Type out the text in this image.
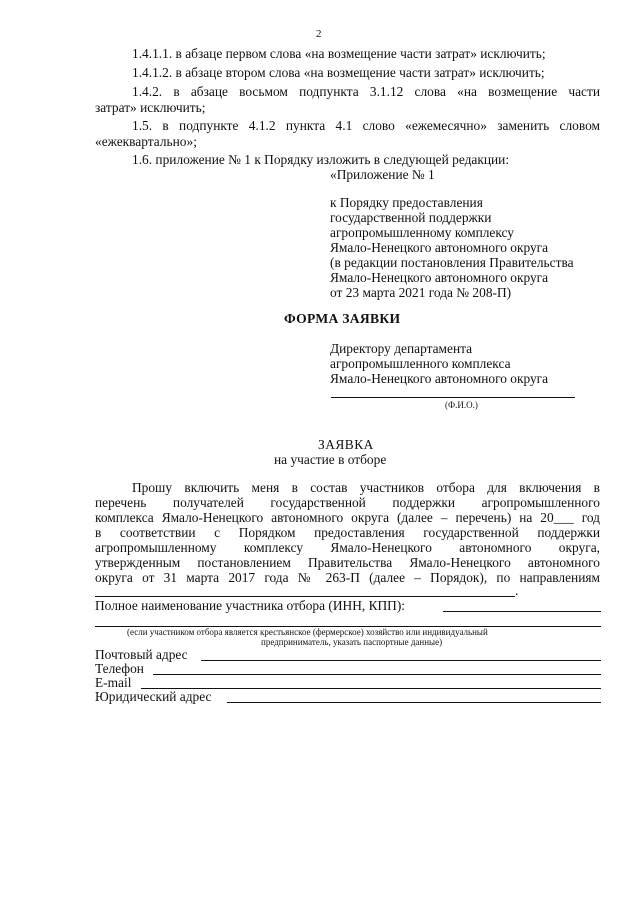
2
1.4.1.1. в абзаце первом слова «на возмещение части затрат» исключить;
1.4.1.2. в абзаце втором слова «на возмещение части затрат» исключить;
1.4.2. в абзаце восьмом подпункта 3.1.12 слова «на возмещение части
затрат» исключить;
1.5. в подпункте 4.1.2 пункта 4.1 слово «ежемесячно» заменить словом
«ежеквартально»;
1.6. приложение № 1 к Порядку изложить в следующей редакции:
«Приложение № 1
к Порядку предоставления
государственной поддержки
агропромышленному комплексу
Ямало-Ненецкого автономного округа
(в редакции постановления Правительства
Ямало-Ненецкого автономного округа
от 23 марта 2021 года № 208-П)
ФОРМА ЗАЯВКИ
Директору департамента
агропромышленного комплекса
Ямало-Ненецкого автономного округа
(Ф.И.О.)
ЗАЯВКА
на участие в отборе
Прошу включить меня в состав участников отбора для включения в
перечень получателей государственной поддержки агропромышленного
комплекса Ямало-Ненецкого автономного округа (далее – перечень) на 20___ год
в соответствии с Порядком предоставления государственной поддержки
агропромышленному комплексу Ямало-Ненецкого автономного округа,
утвержденным постановлением Правительства Ямало-Ненецкого автономного
округа от 31 марта 2017 года № 263-П (далее – Порядок), по направлениям
.
Полное наименование участника отбора (ИНН, КПП):
(если участником отбора является крестьянское (фермерское) хозяйство или индивидуальный
предприниматель, указать паспортные данные)
Почтовый адрес
Телефон
E-mail
Юридический адрес
